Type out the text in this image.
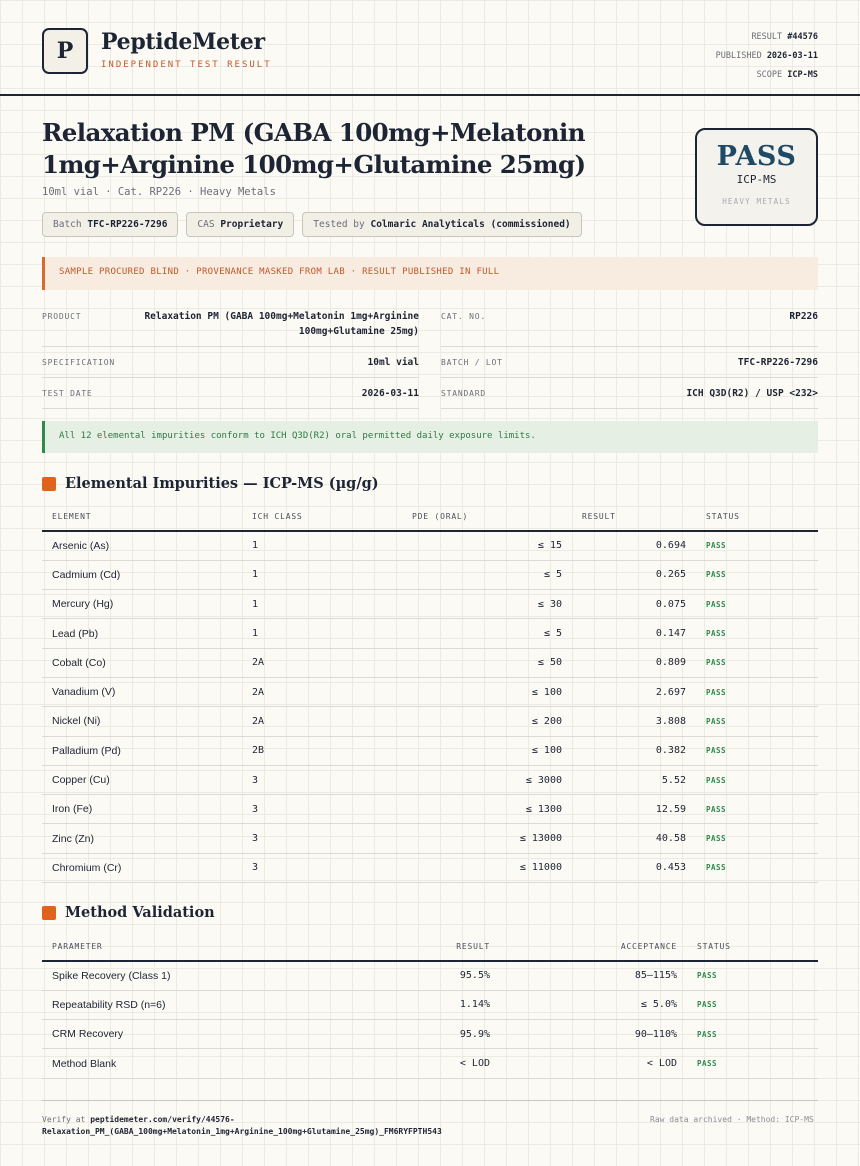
P PeptideMeter
INDEPENDENT TEST RESULT
RESULT #44576
PUBLISHED 2026-03-11
SCOPE ICP-MS
Relaxation PM (GABA 100mg+Melatonin 1mg+Arginine 100mg+Glutamine 25mg)
10ml vial · Cat. RP226 · Heavy Metals
Batch TFC-RP226-7296	CAS Proprietary	Tested by Colmaric Analyticals (commissioned)
PASS
ICP-MS
HEAVY METALS
SAMPLE PROCURED BLIND · PROVENANCE MASKED FROM LAB · RESULT PUBLISHED IN FULL
PRODUCT	Relaxation PM (GABA 100mg+Melatonin 1mg+Arginine 100mg+Glutamine 25mg)
CAT. NO.	RP226
SPECIFICATION	10ml vial	BATCH / LOT	TFC-RP226-7296
TEST DATE	2026-03-11	STANDARD	ICH Q3D(R2) / USP <232>
All 12 elemental impurities conform to ICH Q3D(R2) oral permitted daily exposure limits.
Elemental Impurities — ICP-MS (µg/g)
ELEMENT	ICH CLASS	PDE (ORAL)	RESULT	STATUS
Arsenic (As)	1	≤ 15	0.694	PASS
Cadmium (Cd)	1	≤ 5	0.265	PASS
Mercury (Hg)	1	≤ 30	0.075	PASS
Lead (Pb)	1	≤ 5	0.147	PASS
Cobalt (Co)	2A	≤ 50	0.809	PASS
Vanadium (V)	2A	≤ 100	2.697	PASS
Nickel (Ni)	2A	≤ 200	3.808	PASS
Palladium (Pd)	2B	≤ 100	0.382	PASS
Copper (Cu)	3	≤ 3000	5.52	PASS
Iron (Fe)	3	≤ 1300	12.59	PASS
Zinc (Zn)	3	≤ 13000	40.58	PASS
Chromium (Cr)	3	≤ 11000	0.453	PASS
Method Validation
PARAMETER	RESULT	ACCEPTANCE	STATUS
Spike Recovery (Class 1)	95.5%	85–115%	PASS
Repeatability RSD (n=6)	1.14%	≤ 5.0%	PASS
CRM Recovery	95.9%	90–110%	PASS
Method Blank	< LOD	< LOD	PASS
Verify at peptidemeter.com/verify/44576-Relaxation_PM_(GABA_100mg+Melatonin_1mg+Arginine_100mg+Glutamine_25mg)_FM6RYFPTH543
Raw data archived · Method: ICP-MS
